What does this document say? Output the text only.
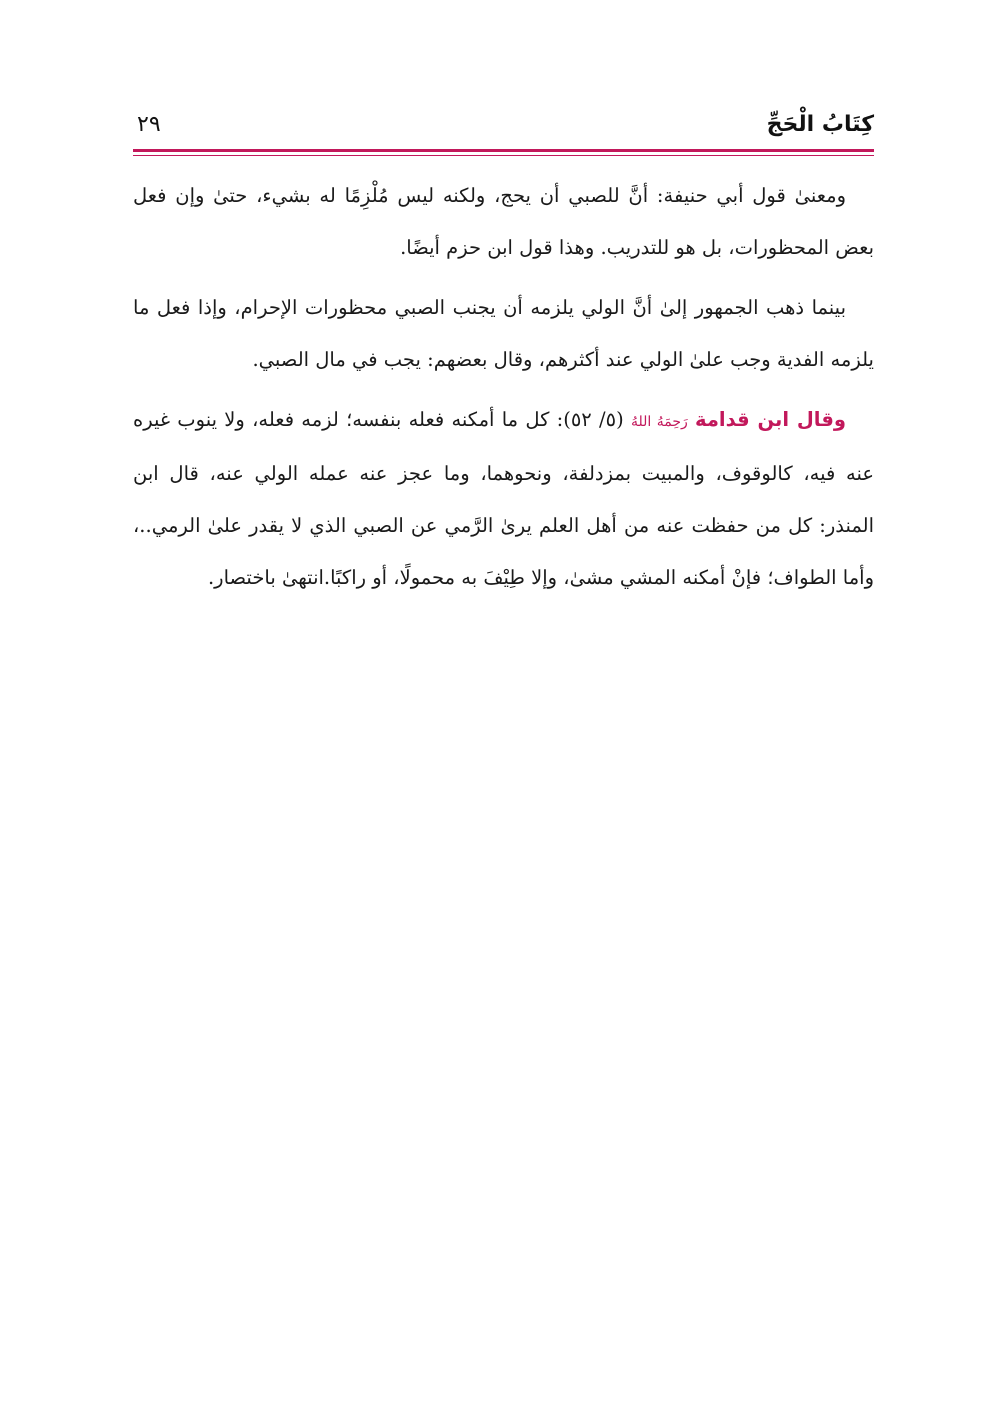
كِتَابُ الْحَجِّ
٢٩

ومعنىٰ قول أبي حنيفة: أنَّ للصبي أن يحج، ولكنه ليس مُلْزِمًا له بشيء، حتىٰ وإن فعل بعض المحظورات، بل هو للتدريب. وهذا قول ابن حزم أيضًا.

بينما ذهب الجمهور إلىٰ أنَّ الولي يلزمه أن يجنب الصبي محظورات الإحرام، وإذا فعل ما يلزمه الفدية وجب علىٰ الولي عند أكثرهم، وقال بعضهم: يجب في مال الصبي.

وقال ابن قدامة رَحِمَهُ اللهُ (٥/ ٥٢): كل ما أمكنه فعله بنفسه؛ لزمه فعله، ولا ينوب غيره عنه فيه، كالوقوف، والمبيت بمزدلفة، ونحوهما، وما عجز عنه عمله الولي عنه، قال ابن المنذر: كل من حفظت عنه من أهل العلم يرىٰ الرَّمي عن الصبي الذي لا يقدر علىٰ الرمي..، وأما الطواف؛ فإنْ أمكنه المشي مشىٰ، وإلا طِيْفَ به محمولًا، أو راكبًا.انتهىٰ باختصار.
